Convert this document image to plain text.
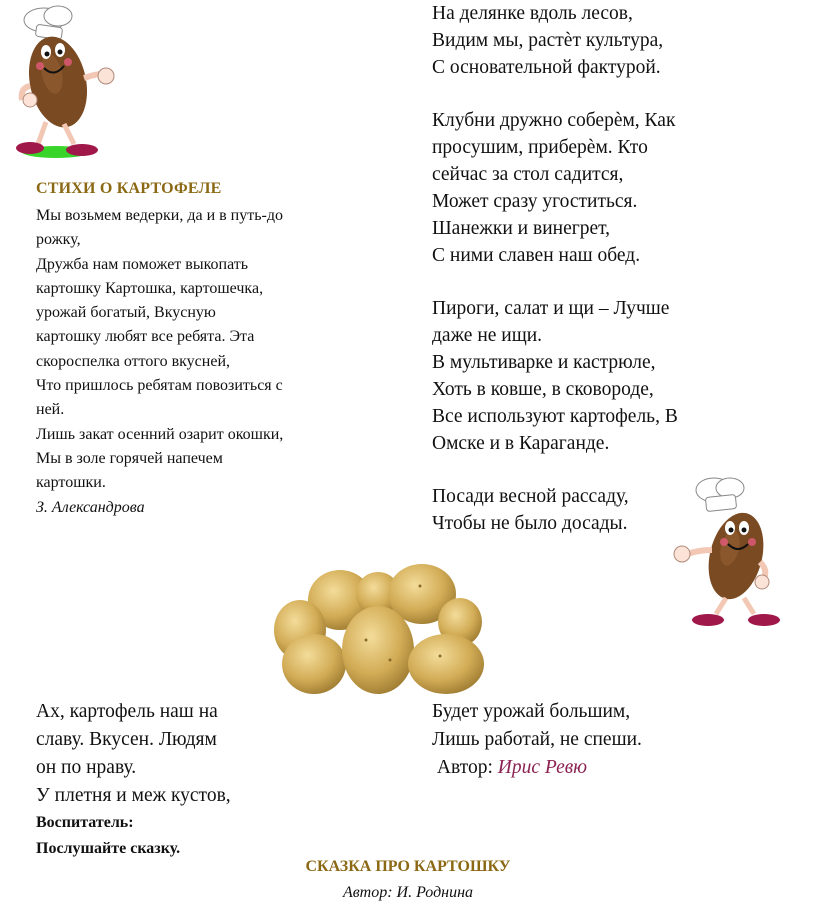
СТИХИ О КАРТОФЕЛЕ
Мы возьмем ведерки, да и в путь-до
рожку,
Дружба нам поможет выкопать
картошку Картошка, картошечка,
урожай богатый, Вкусную
картошку любят все ребята. Эта
скороспелка оттого вкусней,
Что пришлось ребятам повозиться с
ней.
Лишь закат осенний озарит окошки,
Мы в золе горячей напечем
картошки.
З. Александрова
На делянке вдоль лесов,
Видим мы, растѐт культура,
С основательной фактурой.
Клубни дружно соберѐм, Как
просушим, приберѐм. Кто
сейчас за стол садится,
Может сразу угоститься.
Шанежки и винегрет,
С ними славен наш обед.
Пироги, салат и щи – Лучше
даже не ищи.
В мультиварке и кастрюле,
Хоть в ковше, в сковороде,
Все используют картофель, В
Омске и в Караганде.
Посади весной рассаду,
Чтобы не было досады.
Ах, картофель наш на
славу. Вкусен. Людям
он по нраву.
У плетня и меж кустов,
Воспитатель:
Послушайте сказку.
Будет урожай большим,
Лишь работай, не спеши.
Автор: Ирис Ревю
СКАЗКА ПРО КАРТОШКУ
Автор: И. Роднина
